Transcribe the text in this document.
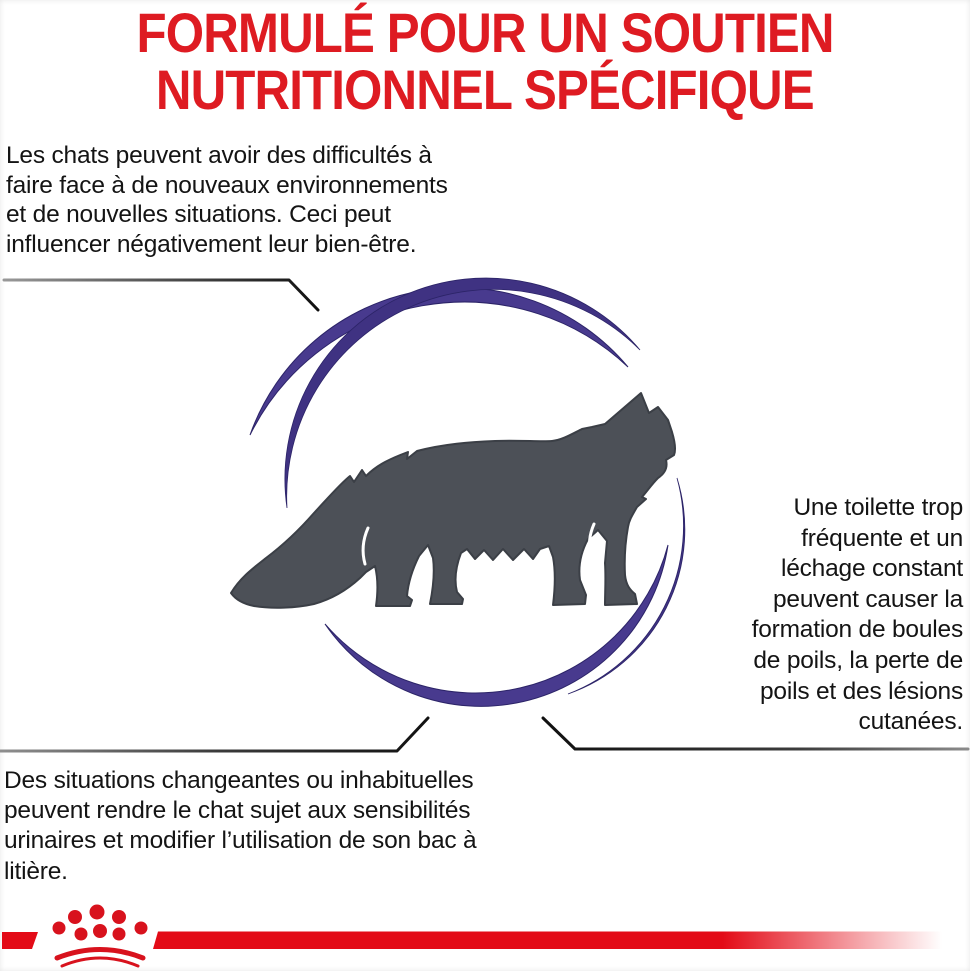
FORMULÉ POUR UN SOUTIEN
NUTRITIONNEL SPÉCIFIQUE
Les chats peuvent avoir des difficultés à
faire face à de nouveaux environnements
et de nouvelles situations. Ceci peut
influencer négativement leur bien-être.
Une toilette trop
fréquente et un
léchage constant
peuvent causer la
formation de boules
de poils, la perte de
poils et des lésions
cutanées.
Des situations changeantes ou inhabituelles
peuvent rendre le chat sujet aux sensibilités
urinaires et modifier l’utilisation de son bac à
litière.
